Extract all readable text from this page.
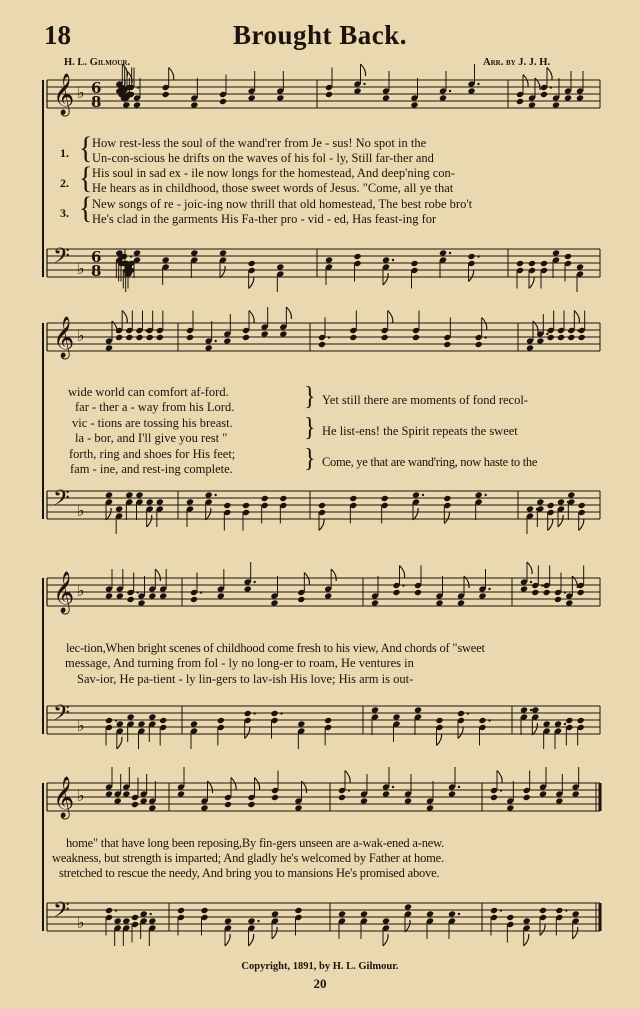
18	Brought Back.
H. L. Gilmour.	Arr. by J. J. H.
𝄞 ♭ 6
8
𝄢 ♭
6
8
𝄞 ♭
𝄢 ♭
𝄞 ♭
𝄢 ♭
𝄞 ♭
𝄢 ♭
1.
2.
3.
{
{
{
How rest-less the soul of the wand'rer from Je - sus! No spot in the
Un-con-scious he drifts on the waves of his fol - ly, Still far-ther and
His soul in sad ex - ile now longs for the homestead, And deep'ning con-
He hears as in childhood, those sweet words of Jesus. "Come, all ye that
New songs of re - joic-ing now thrill that old homestead, The best robe bro't
He's clad in the garments His Fa-ther pro - vid - ed, Has feast-ing for
wide world can comfort af-ford.
far - ther a - way from his Lord.
vic - tions are tossing his breast.
la - bor, and I'll give you rest "
forth, ring and shoes for His feet;
fam - ine, and rest-ing complete.
}
}
}
Yet still there are moments of fond recol-
He list-ens! the Spirit repeats the sweet
Come, ye that are wand'ring, now haste to the
lec-tion,When bright scenes of childhood come fresh to his view, And chords of "sweet
message, And turning from fol - ly no long-er to roam, He ventures in
Sav-ior, He pa-tient - ly lin-gers to lav-ish His love; His arm is out-
home" that have long been reposing,By fin-gers unseen are a-wak-ened a-new.
weakness, but strength is imparted; And gladly he's welcomed by Father at home.
stretched to rescue the needy, And bring you to mansions He's promised above.
Copyright, 1891, by H. L. Gilmour.
20
